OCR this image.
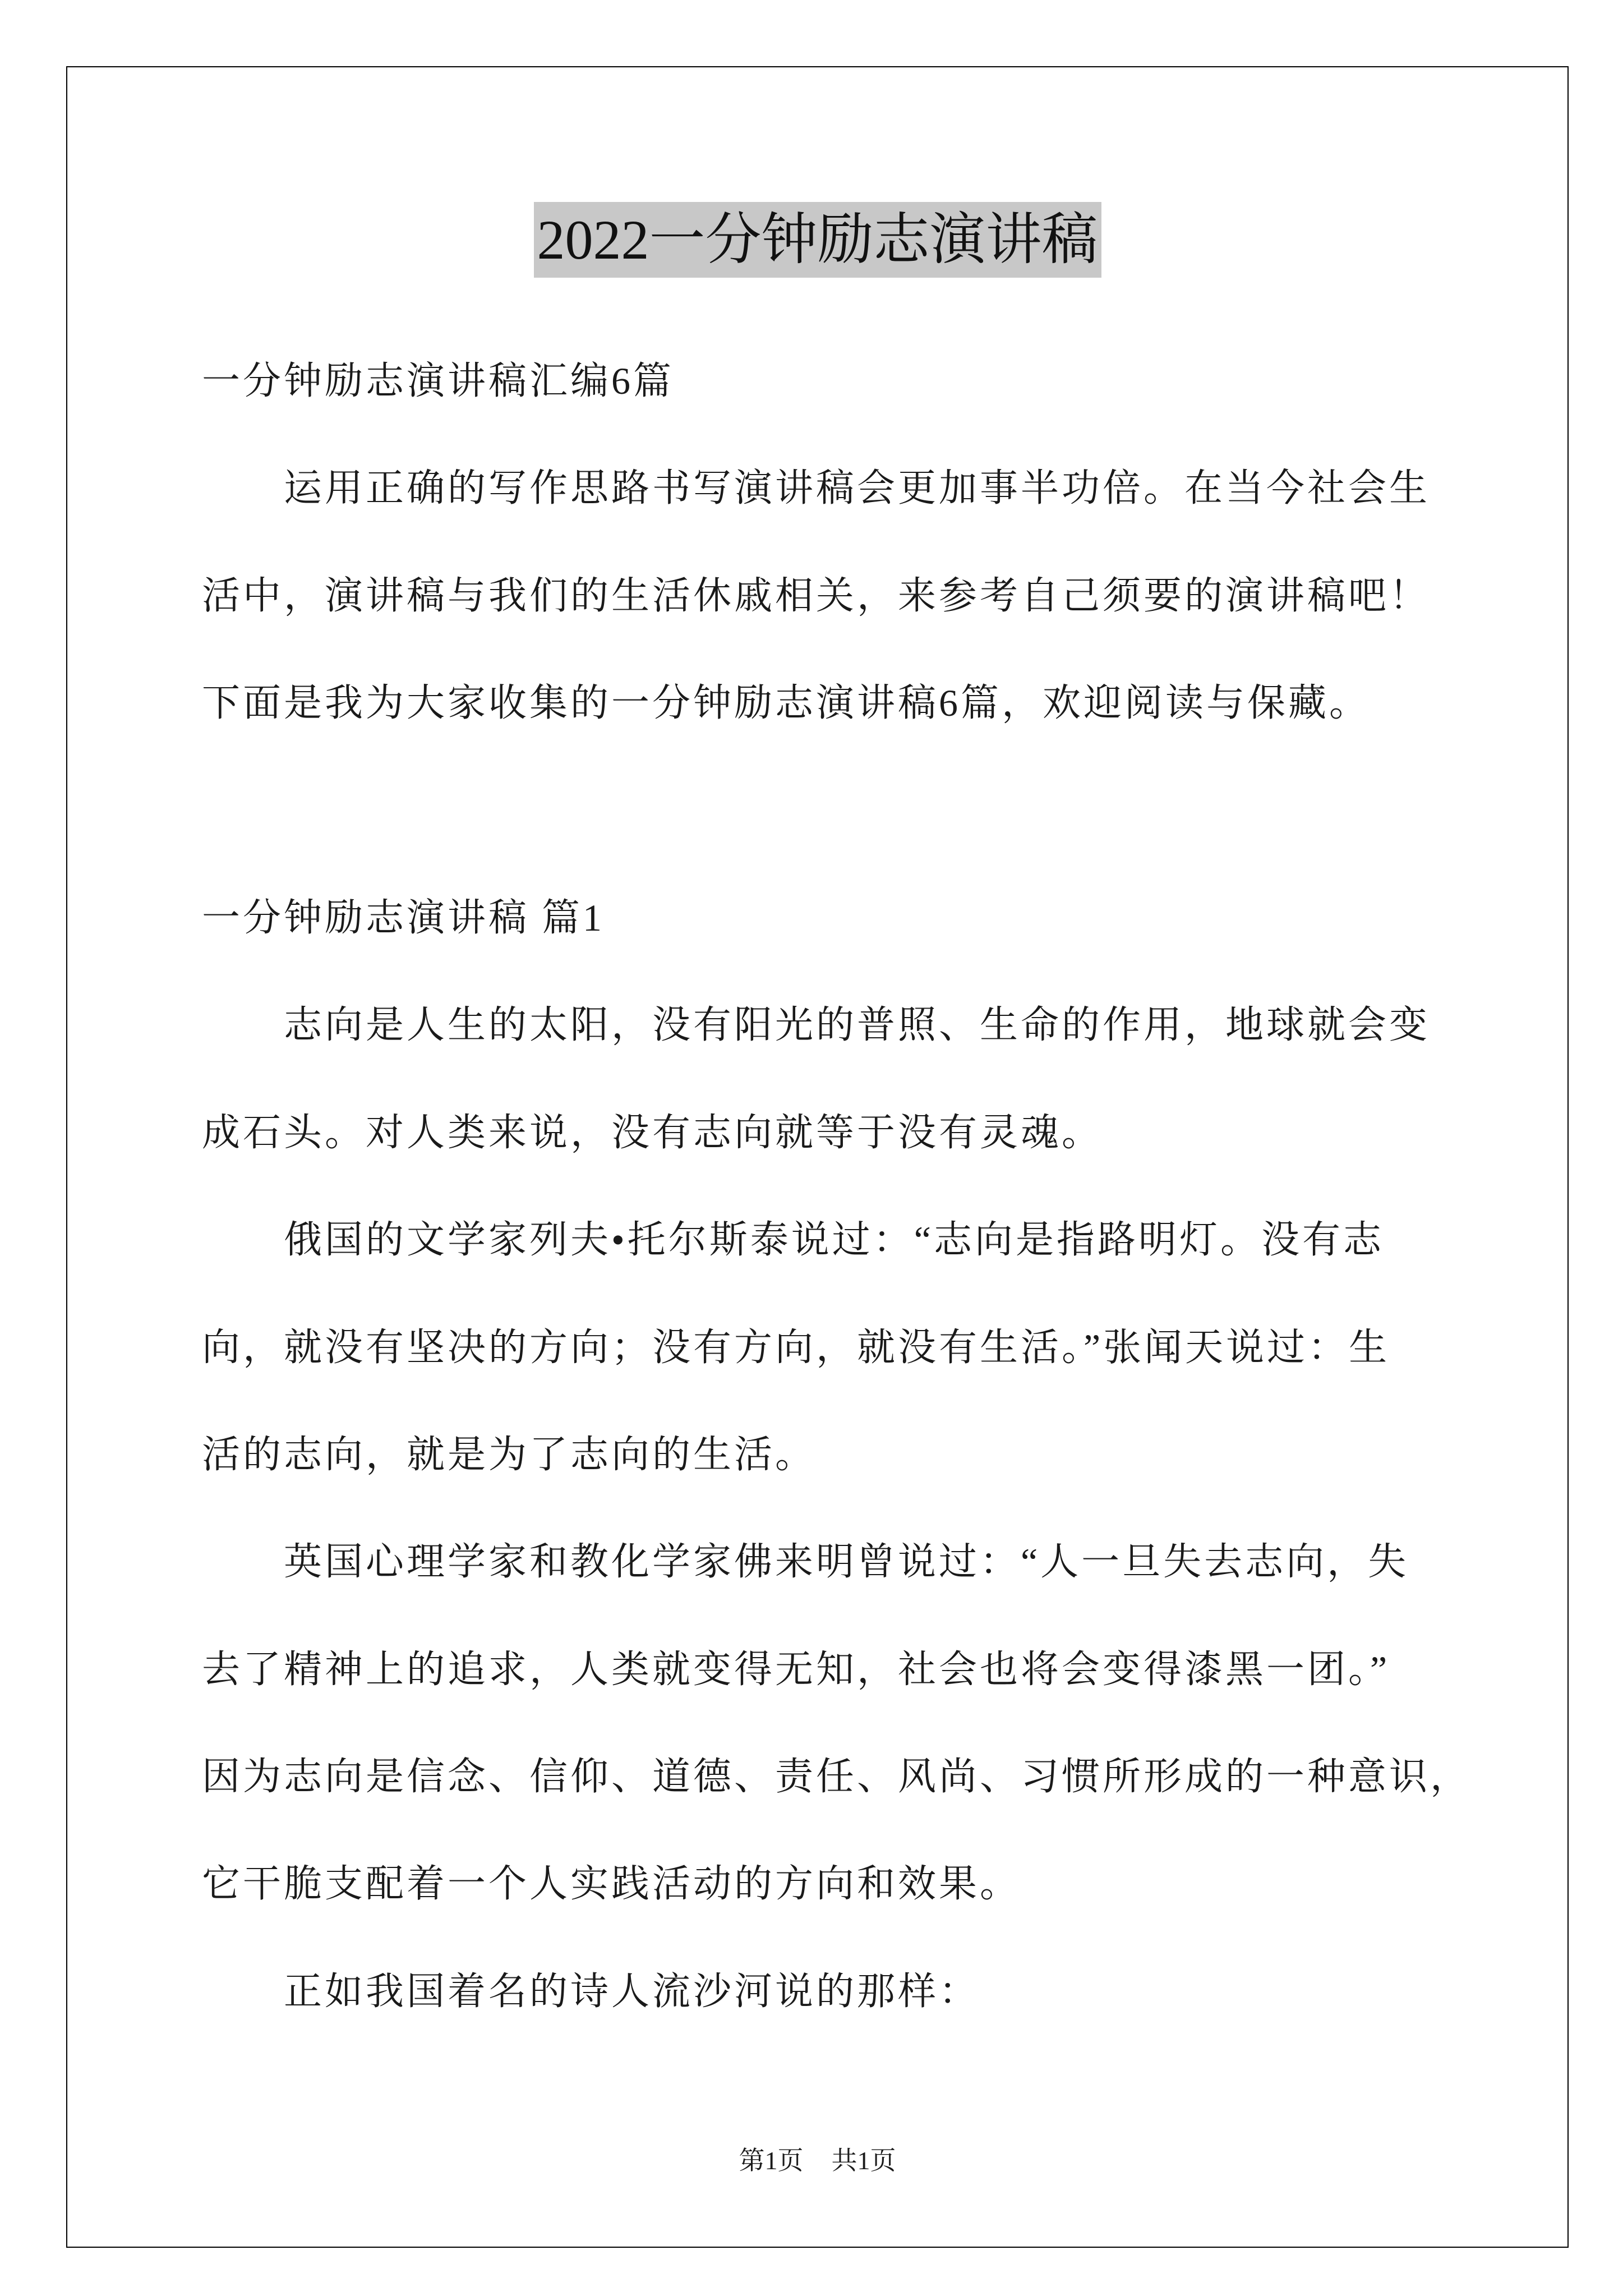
2022一分钟励志演讲稿
一分钟励志演讲稿汇编6篇
运用正确的写作思路书写演讲稿会更加事半功倍。在当今社会生
活中，演讲稿与我们的生活休戚相关，来参考自己须要的演讲稿吧！
下面是我为大家收集的一分钟励志演讲稿6篇，欢迎阅读与保藏。
一分钟励志演讲稿 篇1
志向是人生的太阳，没有阳光的普照、生命的作用，地球就会变
成石头。对人类来说，没有志向就等于没有灵魂。
俄国的文学家列夫•托尔斯泰说过：“志向是指路明灯。没有志
向，就没有坚决的方向；没有方向，就没有生活。”张闻天说过：生
活的志向，就是为了志向的生活。
英国心理学家和教化学家佛来明曾说过：“人一旦失去志向，失
去了精神上的追求，人类就变得无知，社会也将会变得漆黑一团。”
因为志向是信念、信仰、道德、责任、风尚、习惯所形成的一种意识，
它干脆支配着一个人实践活动的方向和效果。
正如我国着名的诗人流沙河说的那样：
第1页 共1页
